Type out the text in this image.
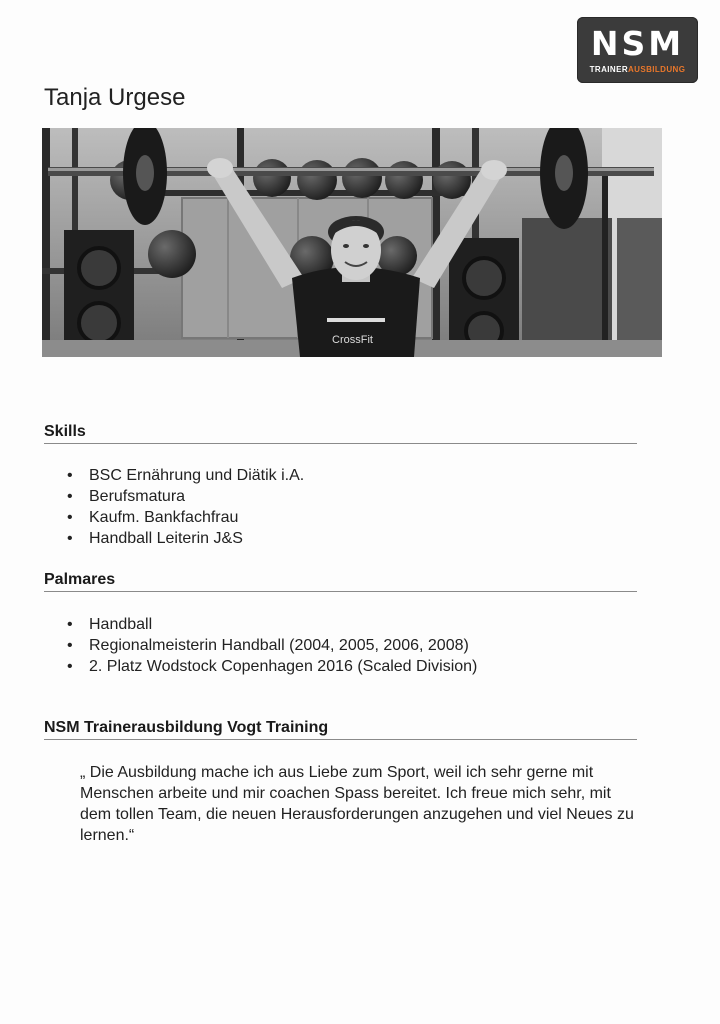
NSM
TRAINERAUSBILDUNG
Tanja Urgese
CrossFit
Skills
• BSC Ernährung und Diätik i.A.
• Berufsmatura
• Kaufm. Bankfachfrau
• Handball Leiterin J&S
Palmares
• Handball
• Regionalmeisterin Handball (2004, 2005, 2006, 2008)
• 2. Platz Wodstock Copenhagen 2016 (Scaled Division)
NSM Trainerausbildung Vogt Training

„ Die Ausbildung mache ich aus Liebe zum Sport, weil ich sehr gerne mit Menschen arbeite und mir coachen Spass bereitet. Ich freue mich sehr, mit dem tollen Team, die neuen Herausforderungen anzugehen und viel Neues zu lernen.“
